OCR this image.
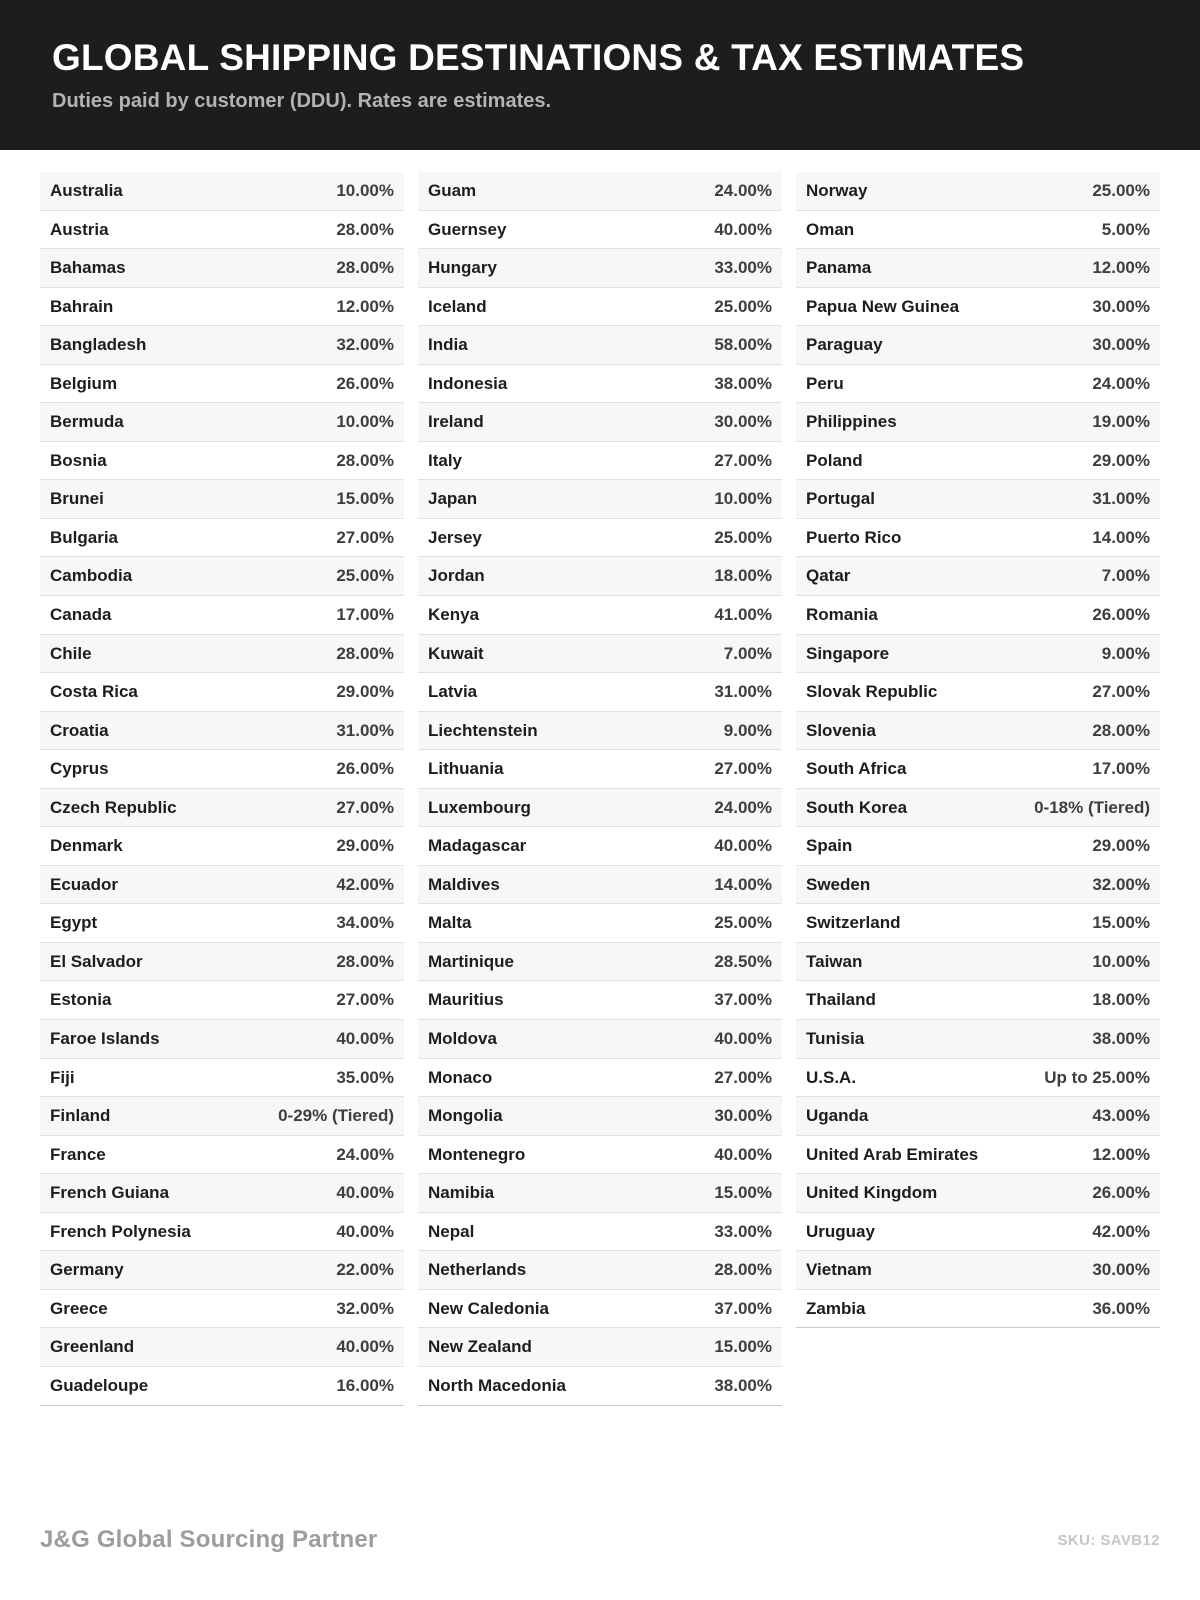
GLOBAL SHIPPING DESTINATIONS & TAX ESTIMATES

Duties paid by customer (DDU). Rates are estimates.

Australia	10.00%
Austria	28.00%
Bahamas	28.00%
Bahrain	12.00%
Bangladesh	32.00%
Belgium	26.00%
Bermuda	10.00%
Bosnia	28.00%
Brunei	15.00%
Bulgaria	27.00%
Cambodia	25.00%
Canada	17.00%
Chile	28.00%
Costa Rica	29.00%
Croatia	31.00%
Cyprus	26.00%
Czech Republic	27.00%
Denmark	29.00%
Ecuador	42.00%
Egypt	34.00%
El Salvador	28.00%
Estonia	27.00%
Faroe Islands	40.00%
Fiji	35.00%
Finland	0-29% (Tiered)
France	24.00%
French Guiana	40.00%
French Polynesia	40.00%
Germany	22.00%
Greece	32.00%
Greenland	40.00%
Guadeloupe	16.00%
Guam	24.00%
Guernsey	40.00%
Hungary	33.00%
Iceland	25.00%
India	58.00%
Indonesia	38.00%
Ireland	30.00%
Italy	27.00%
Japan	10.00%
Jersey	25.00%
Jordan	18.00%
Kenya	41.00%
Kuwait	7.00%
Latvia	31.00%
Liechtenstein	9.00%
Lithuania	27.00%
Luxembourg	24.00%
Madagascar	40.00%
Maldives	14.00%
Malta	25.00%
Martinique	28.50%
Mauritius	37.00%
Moldova	40.00%
Monaco	27.00%
Mongolia	30.00%
Montenegro	40.00%
Namibia	15.00%
Nepal	33.00%
Netherlands	28.00%
New Caledonia	37.00%
New Zealand	15.00%
North Macedonia	38.00%
Norway	25.00%
Oman	5.00%
Panama	12.00%
Papua New Guinea	30.00%
Paraguay	30.00%
Peru	24.00%
Philippines	19.00%
Poland	29.00%
Portugal	31.00%
Puerto Rico	14.00%
Qatar	7.00%
Romania	26.00%
Singapore	9.00%
Slovak Republic	27.00%
Slovenia	28.00%
South Africa	17.00%
South Korea	0-18% (Tiered)
Spain	29.00%
Sweden	32.00%
Switzerland	15.00%
Taiwan	10.00%
Thailand	18.00%
Tunisia	38.00%
U.S.A.	Up to 25.00%
Uganda	43.00%
United Arab Emirates	12.00%
United Kingdom	26.00%
Uruguay	42.00%
Vietnam	30.00%
Zambia	36.00%
J&G Global Sourcing Partner	SKU: SAVB12
